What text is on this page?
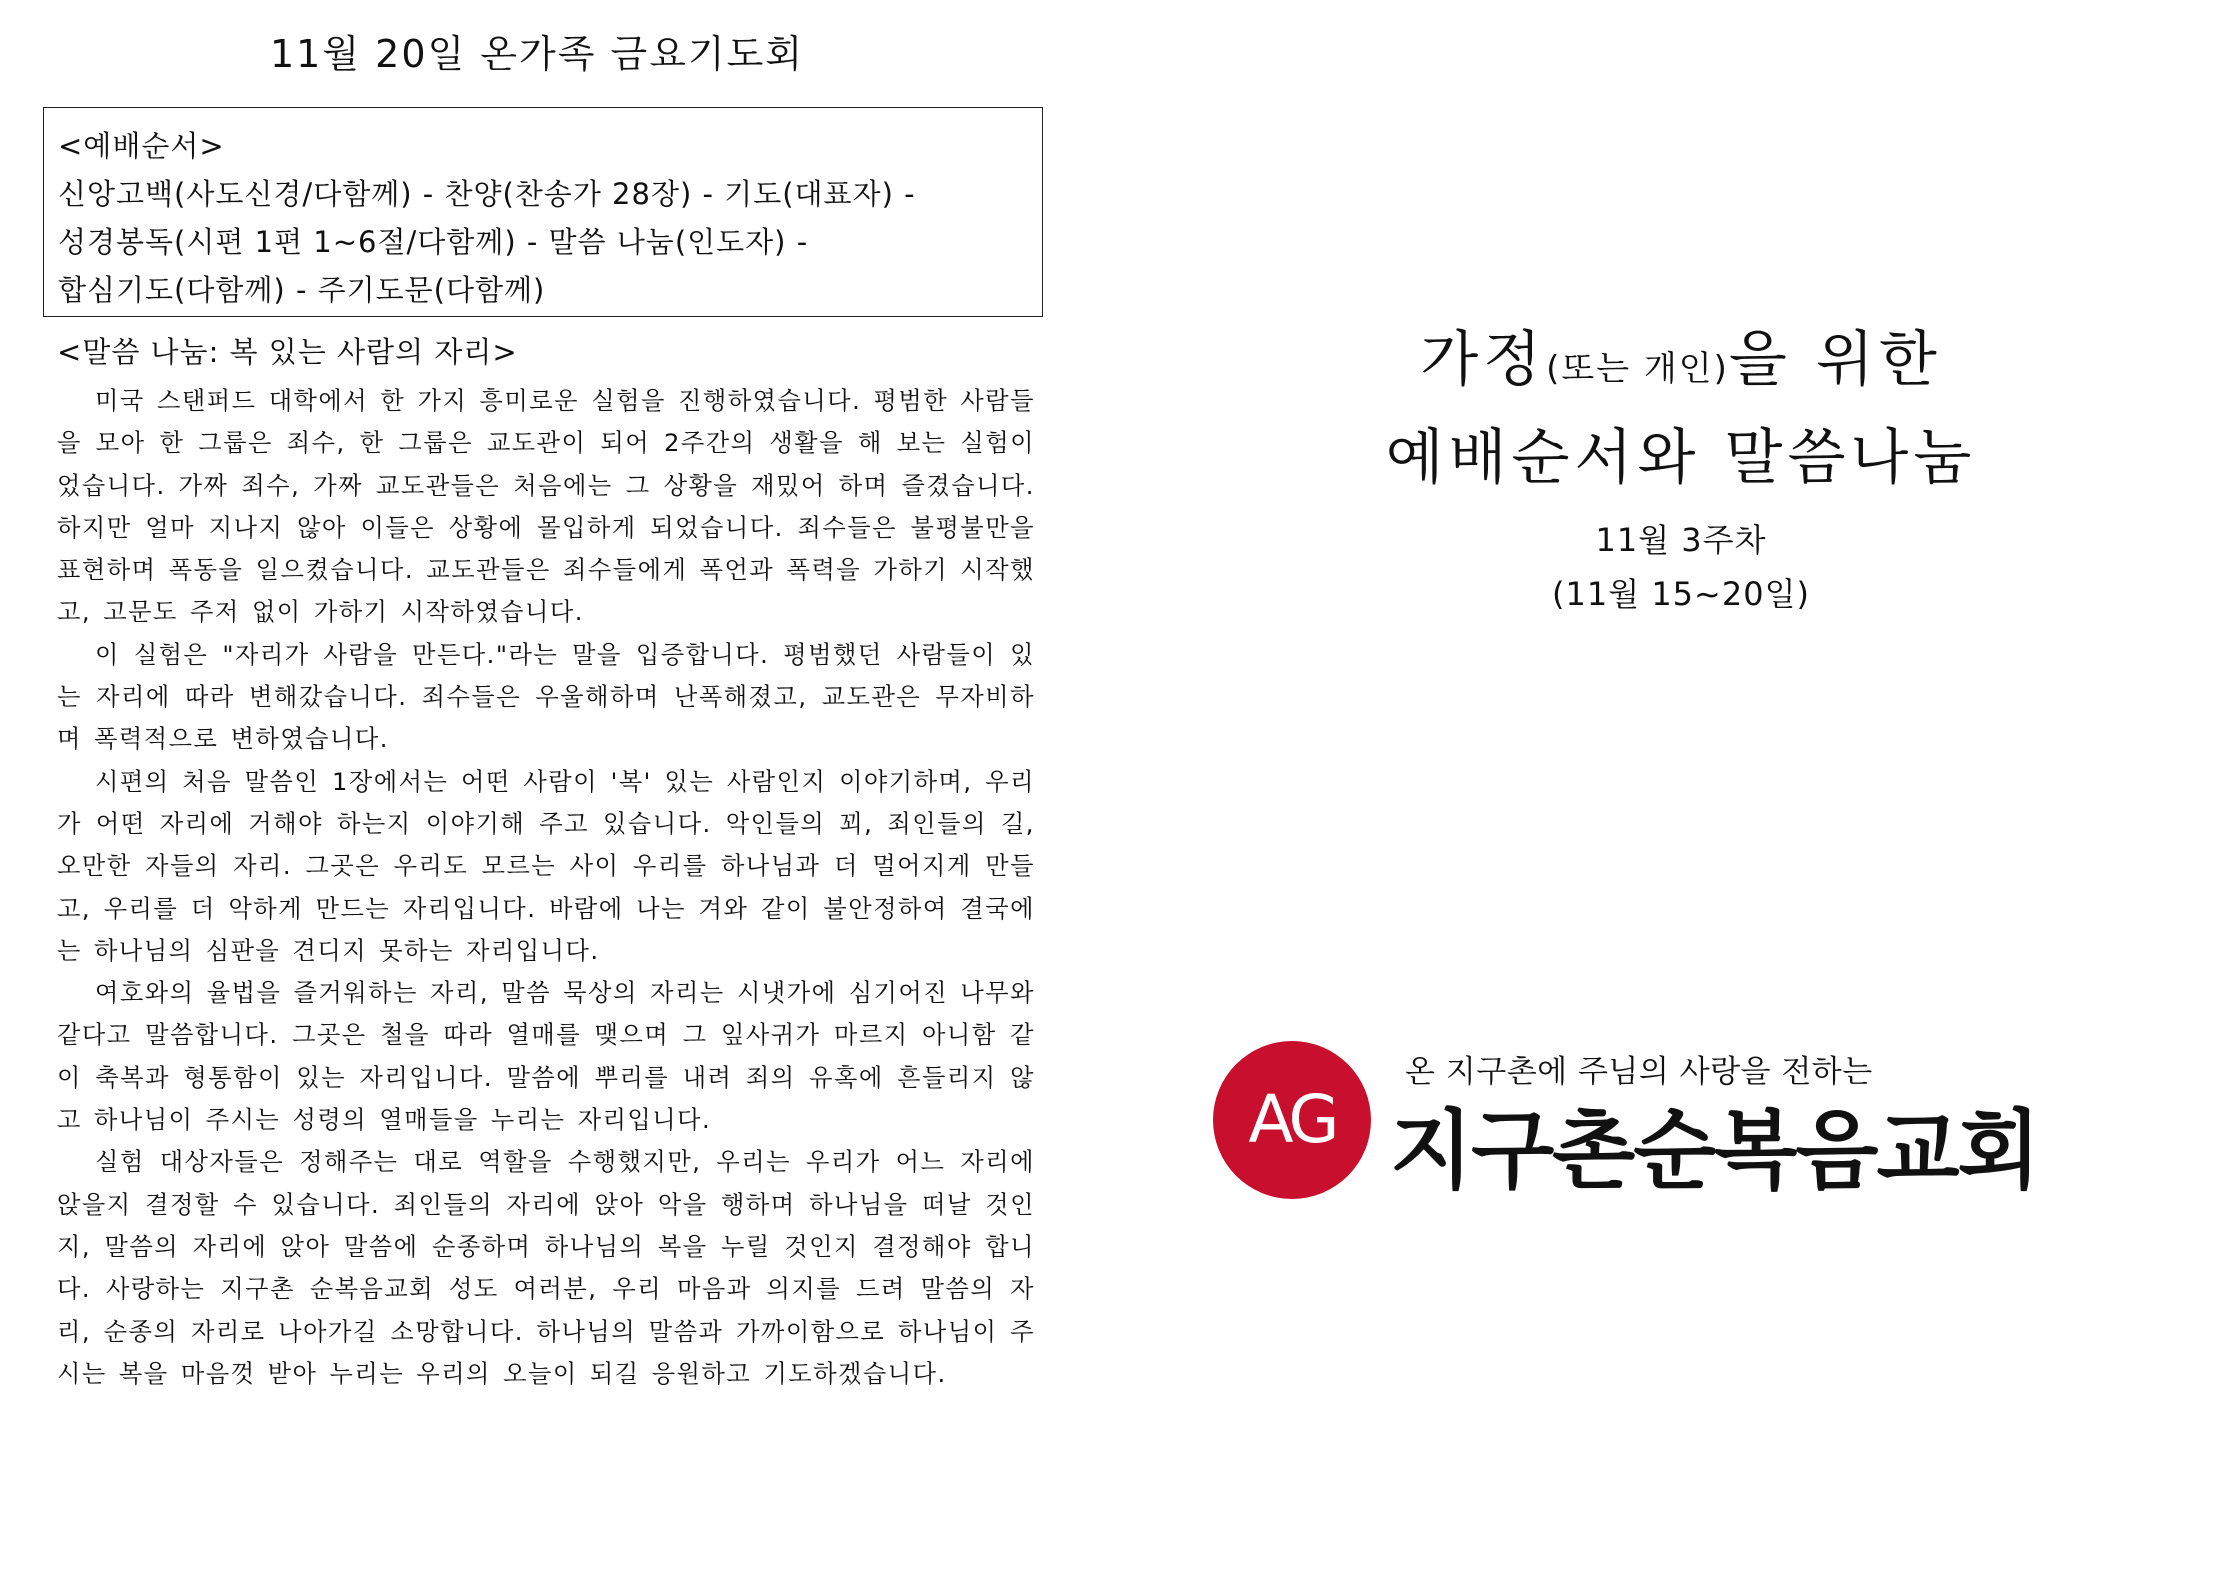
11월 20일 온가족 금요기도회
<예배순서>
신앙고백(사도신경/다함께) - 찬양(찬송가 28장) - 기도(대표자) -
성경봉독(시편 1편 1~6절/다함께) - 말씀 나눔(인도자) -
합심기도(다함께) - 주기도문(다함께)
<말씀 나눔: 복 있는 사람의 자리>

미국 스탠퍼드 대학에서 한 가지 흥미로운 실험을 진행하였습니다. 평범한 사람들을 모아 한 그룹은 죄수, 한 그룹은 교도관이 되어 2주간의 생활을 해 보는 실험이었습니다. 가짜 죄수, 가짜 교도관들은 처음에는 그 상황을 재밌어 하며 즐겼습니다. 하지만 얼마 지나지 않아 이들은 상황에 몰입하게 되었습니다. 죄수들은 불평불만을 표현하며 폭동을 일으켰습니다. 교도관들은 죄수들에게 폭언과 폭력을 가하기 시작했고, 고문도 주저 없이 가하기 시작하였습니다.

이 실험은 "자리가 사람을 만든다."라는 말을 입증합니다. 평범했던 사람들이 있는 자리에 따라 변해갔습니다. 죄수들은 우울해하며 난폭해졌고, 교도관은 무자비하며 폭력적으로 변하였습니다.

시편의 처음 말씀인 1장에서는 어떤 사람이 '복' 있는 사람인지 이야기하며, 우리가 어떤 자리에 거해야 하는지 이야기해 주고 있습니다. 악인들의 꾀, 죄인들의 길, 오만한 자들의 자리. 그곳은 우리도 모르는 사이 우리를 하나님과 더 멀어지게 만들고, 우리를 더 악하게 만드는 자리입니다. 바람에 나는 겨와 같이 불안정하여 결국에는 하나님의 심판을 견디지 못하는 자리입니다.

여호와의 율법을 즐거워하는 자리, 말씀 묵상의 자리는 시냇가에 심기어진 나무와 같다고 말씀합니다. 그곳은 철을 따라 열매를 맺으며 그 잎사귀가 마르지 아니함 같이 축복과 형통함이 있는 자리입니다. 말씀에 뿌리를 내려 죄의 유혹에 흔들리지 않고 하나님이 주시는 성령의 열매들을 누리는 자리입니다.

실험 대상자들은 정해주는 대로 역할을 수행했지만, 우리는 우리가 어느 자리에 앉을지 결정할 수 있습니다. 죄인들의 자리에 앉아 악을 행하며 하나님을 떠날 것인지, 말씀의 자리에 앉아 말씀에 순종하며 하나님의 복을 누릴 것인지 결정해야 합니다. 사랑하는 지구촌 순복음교회 성도 여러분, 우리 마음과 의지를 드려 말씀의 자리, 순종의 자리로 나아가길 소망합니다. 하나님의 말씀과 가까이함으로 하나님이 주시는 복을 마음껏 받아 누리는 우리의 오늘이 되길 응원하고 기도하겠습니다.

가정(또는 개인)을 위한
예배순서와 말씀나눔
11월 3주차
(11월 15~20일)
AG
온 지구촌에 주님의 사랑을 전하는
지구촌순복음교회
